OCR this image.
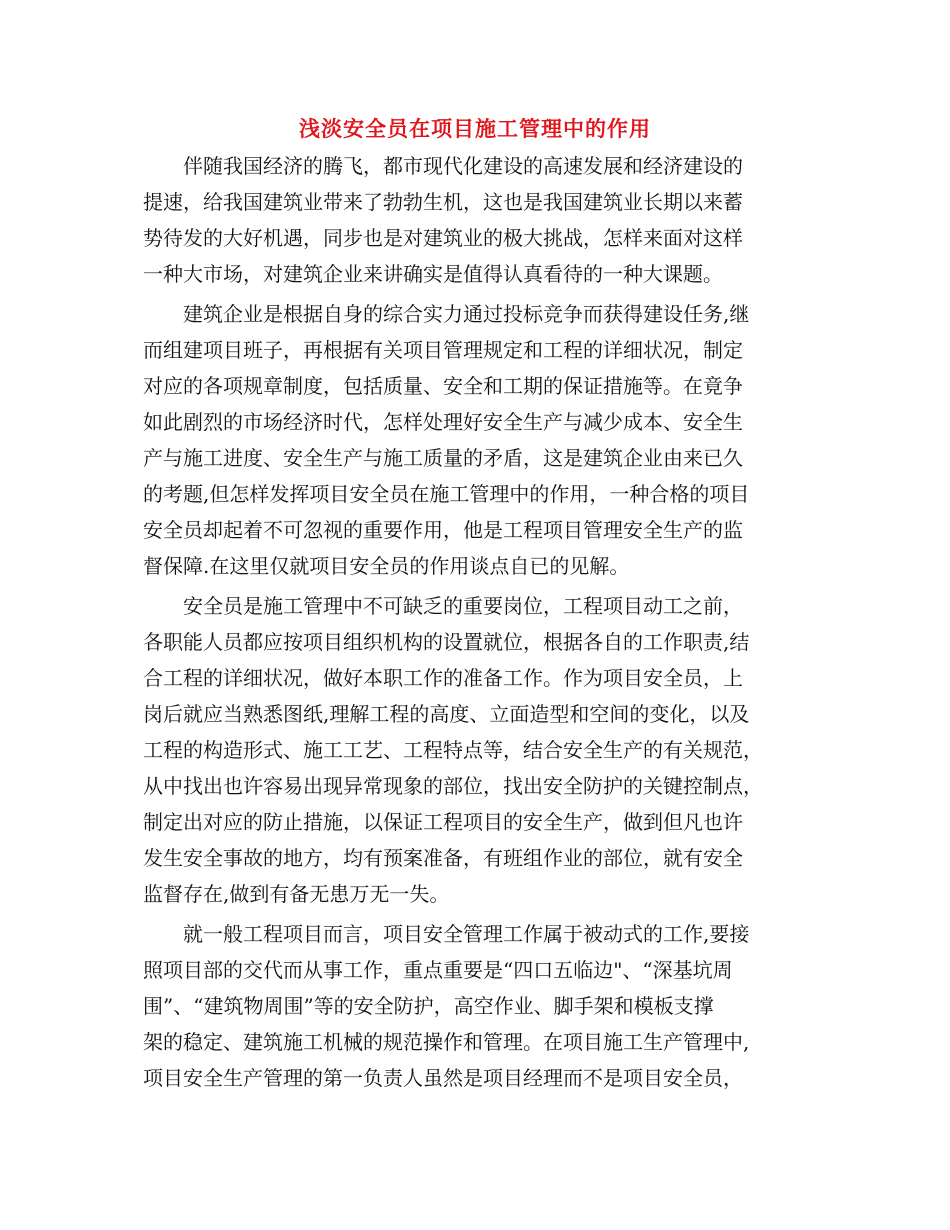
浅淡安全员在项目施工管理中的作用
　　伴随我国经济的腾飞，都市现代化建设的高速发展和经济建设的
提速，给我国建筑业带来了勃勃生机，这也是我国建筑业长期以来蓄
势待发的大好机遇，同步也是对建筑业的极大挑战，怎样来面对这样
一种大市场，对建筑企业来讲确实是值得认真看待的一种大课题。
　　建筑企业是根据自身的综合实力通过投标竞争而获得建设任务,继
而组建项目班子，再根据有关项目管理规定和工程的详细状况，制定
对应的各项规章制度，包括质量、安全和工期的保证措施等。在竟争
如此剧烈的市场经济时代，怎样处理好安全生产与减少成本、安全生
产与施工进度、安全生产与施工质量的矛盾，这是建筑企业由来已久
的考题,但怎样发挥项目安全员在施工管理中的作用，一种合格的项目
安全员却起着不可忽视的重要作用，他是工程项目管理安全生产的监
督保障.在这里仅就项目安全员的作用谈点自已的见解。
　　安全员是施工管理中不可缺乏的重要岗位，工程项目动工之前，
各职能人员都应按项目组织机构的设置就位，根据各自的工作职责,结
合工程的详细状况，做好本职工作的准备工作。作为项目安全员，上
岗后就应当熟悉图纸,理解工程的高度、立面造型和空间的变化，以及
工程的构造形式、施工工艺、工程特点等，结合安全生产的有关规范，
从中找出也许容易出现异常现象的部位，找出安全防护的关键控制点，
制定出对应的防止措施，以保证工程项目的安全生产，做到但凡也许
发生安全事故的地方，均有预案准备，有班组作业的部位，就有安全
监督存在,做到有备无患万无一失。
　　就一般工程项目而言，项目安全管理工作属于被动式的工作,要接
照项目部的交代而从事工作，重点重要是“四口五临边"、“深基坑周
围”、“建筑物周围”等的安全防护，高空作业、脚手架和模板支撑
架的稳定、建筑施工机械的规范操作和管理。在项目施工生产管理中,
项目安全生产管理的第一负责人虽然是项目经理而不是项目安全员，
